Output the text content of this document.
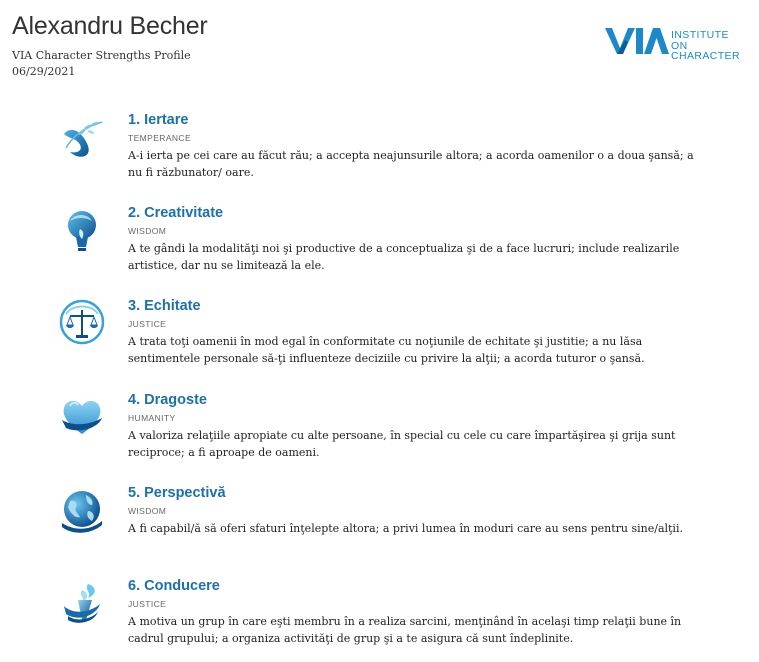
Alexandru Becher
VIA Character Strengths Profile
06/29/2021
INSTITUTE ON
CHARACTER
1. Iertare
TEMPERANCE
A-i ierta pe cei care au făcut rău; a accepta neajunsurile altora; a acorda oamenilor o a doua şansă; a nu fi răzbunator/ oare.
2. Creativitate
WISDOM
A te gândi la modalităţi noi şi productive de a conceptualiza şi de a face lucruri; include realizarile artistice, dar nu se limitează la ele.
3. Echitate
JUSTICE
A trata toţi oamenii în mod egal în conformitate cu noţiunile de echitate şi justitie; a nu lăsa sentimentele personale să-ţi influenteze deciziile cu privire la alţii; a acorda tuturor o şansă.
4. Dragoste
HUMANITY
A valoriza relaţiile apropiate cu alte persoane, în special cu cele cu care împartăşirea şi grija sunt reciproce; a fi aproape de oameni.
5. Perspectivă
WISDOM
A fi capabil/ă să oferi sfaturi înţelepte altora; a privi lumea în moduri care au sens pentru sine/alţii.
6. Conducere
JUSTICE
A motiva un grup în care eşti membru în a realiza sarcini, menţinând în acelaşi timp relaţii bune în cadrul grupului; a organiza activităţi de grup şi a te asigura că sunt îndeplinite.
